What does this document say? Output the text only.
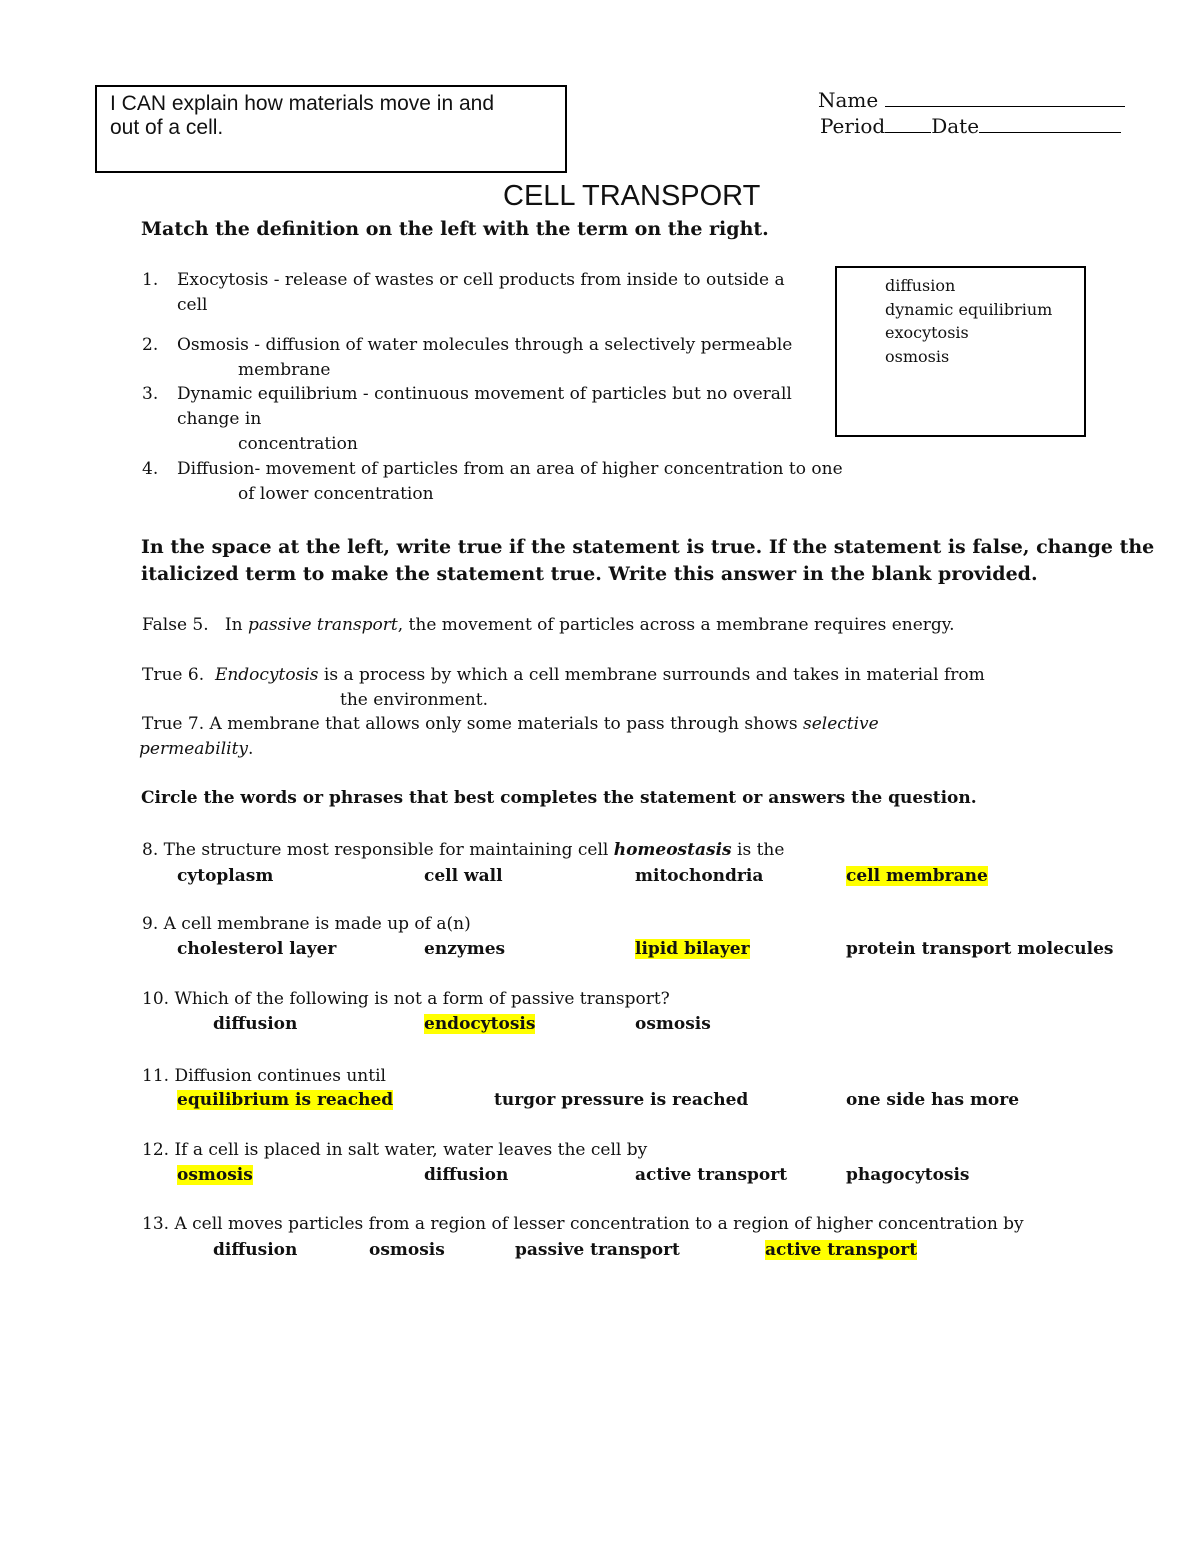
I CAN explain how materials move in and
out of a cell.
Name
Period Date
CELL TRANSPORT
Match the definition on the left with the term on the right.
1. Exocytosis - release of wastes or cell products from inside to outside a
cell
2. Osmosis - diffusion of water molecules through a selectively permeable
membrane
3. Dynamic equilibrium - continuous movement of particles but no overall
change in
concentration
4. Diffusion- movement of particles from an area of higher concentration to one
of lower concentration
diffusion
dynamic equilibrium
exocytosis
osmosis
In the space at the left, write true if the statement is true. If the statement is false, change the
italicized term to make the statement true. Write this answer in the blank provided.
False 5. In passive transport, the movement of particles across a membrane requires energy.
True 6. Endocytosis is a process by which a cell membrane surrounds and takes in material from
the environment.
True 7. A membrane that allows only some materials to pass through shows selective
permeability.
Circle the words or phrases that best completes the statement or answers the question.
8. The structure most responsible for maintaining cell homeostasis is the
cytoplasm	cell wall	mitochondria	cell membrane
9. A cell membrane is made up of a(n)
cholesterol layer	enzymes	lipid bilayer	protein transport molecules
10. Which of the following is not a form of passive transport?
diffusion	endocytosis	osmosis
11. Diffusion continues until
equilibrium is reached	turgor pressure is reached	one side has more
12. If a cell is placed in salt water, water leaves the cell by
osmosis	diffusion	active transport	phagocytosis
13. A cell moves particles from a region of lesser concentration to a region of higher concentration by
diffusion	osmosis	passive transport	active transport
